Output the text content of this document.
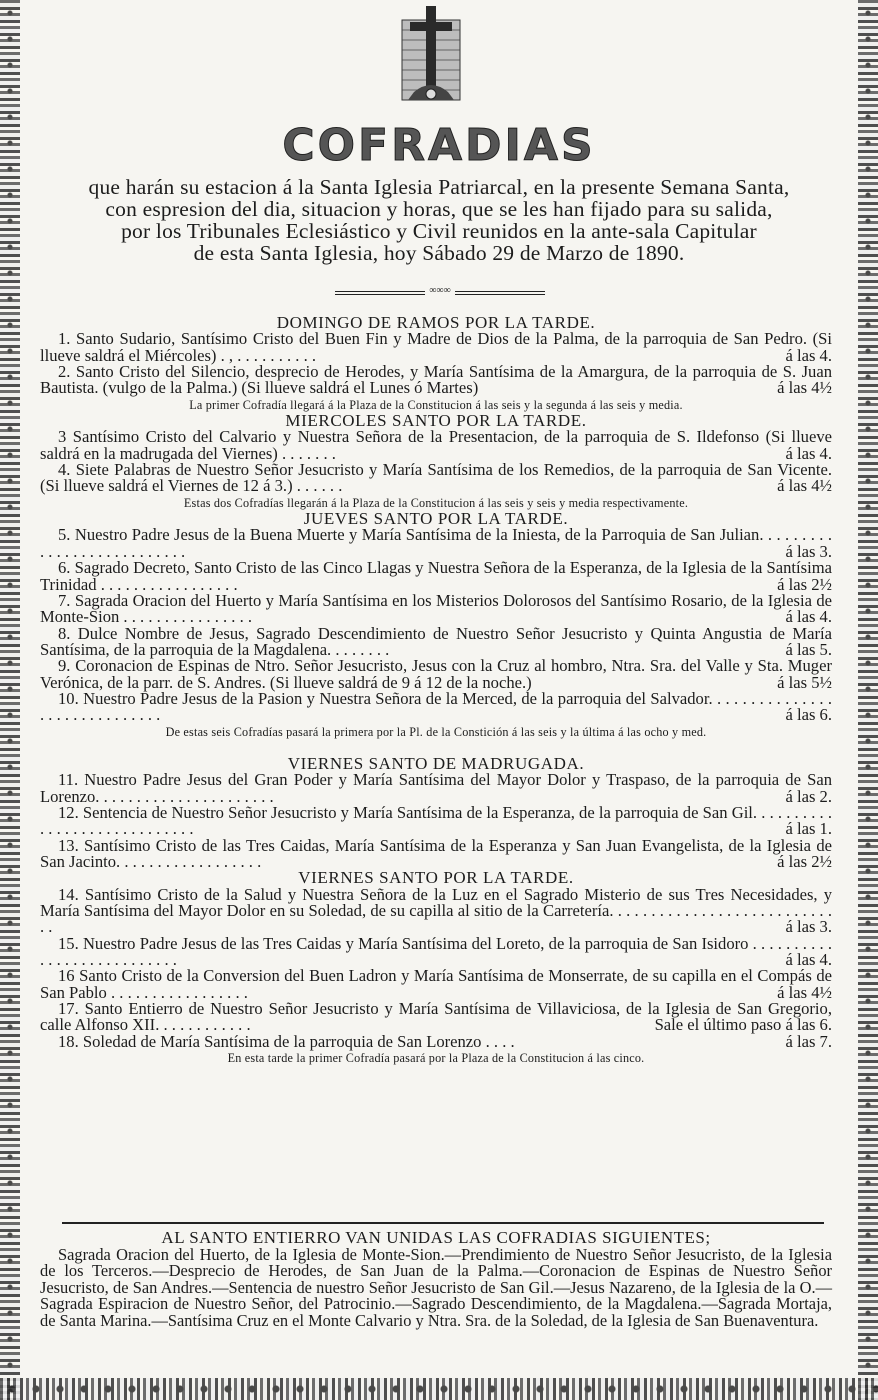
COFRADIAS
que harán su estacion á la Santa Iglesia Patriarcal, en la presente Semana Santa,
con espresion del dia, situacion y horas, que se les han fijado para su salida,
por los Tribunales Eclesiástico y Civil reunidos en la ante-sala Capitular
de esta Santa Iglesia, hoy Sábado 29 de Marzo de 1890.
∞∞∞

DOMINGO DE RAMOS POR LA TARDE.

1. Santo Sudario, Santísimo Cristo del Buen Fin y Madre de Dios de la Palma, de la parroquia de San Pedro. (Si llueve saldrá el Miércoles) . , . . . . . . . . . .	á las 4.

2. Santo Cristo del Silencio, desprecio de Herodes, y María Santísima de la Amargura, de la parroquia de S. Juan Bautista. (vulgo de la Palma.) (Si llueve saldrá el Lunes ó Martes)	á las 4½

La primer Cofradía llegará á la Plaza de la Constitucion á las seis y la segunda á las seis y media.

MIERCOLES SANTO POR LA TARDE.

3 Santísimo Cristo del Calvario y Nuestra Señora de la Presentacion, de la parroquia de S. Ildefonso (Si llueve saldrá en la madrugada del Viernes) . . . . . . .	á las 4.

4. Siete Palabras de Nuestro Señor Jesucristo y María Santísima de los Remedios, de la parroquia de San Vicente. (Si llueve saldrá el Viernes de 12 á 3.) . . . . . .	á las 4½

Estas dos Cofradías llegarán á la Plaza de la Constitucion á las seis y seis y media respectivamente.

JUEVES SANTO POR LA TARDE.

5. Nuestro Padre Jesus de la Buena Muerte y María Santísima de la Iniesta, de la Parroquia de San Julian. . . . . . . . . . . . . . . . . . . . . . . . . . .	á las 3.

6. Sagrado Decreto, Santo Cristo de las Cinco Llagas y Nuestra Señora de la Esperanza, de la Iglesia de la Santísima Trinidad . . . . . . . . . . . . . . . . .	á las 2½

7. Sagrada Oracion del Huerto y María Santísima en los Misterios Dolorosos del Santísimo Rosario, de la Iglesia de Monte-Sion . . . . . . . . . . . . . . . .	á las 4.

8. Dulce Nombre de Jesus, Sagrado Descendimiento de Nuestro Señor Jesucristo y Quinta Angustia de María Santísima, de la parroquia de la Magdalena. . . . . . . .	á las 5.

9. Coronacion de Espinas de Ntro. Señor Jesucristo, Jesus con la Cruz al hombro, Ntra. Sra. del Valle y Sta. Muger Verónica, de la parr. de S. Andres. (Si llueve saldrá de 9 á 12 de la noche.)	á las 5½

10. Nuestro Padre Jesus de la Pasion y Nuestra Señora de la Merced, de la parroquia del Salvador. . . . . . . . . . . . . . . . . . . . . . . . . . . . . .	á las 6.

De estas seis Cofradías pasará la primera por la Pl. de la Constición á las seis y la última á las ocho y med.

VIERNES SANTO DE MADRUGADA.

11. Nuestro Padre Jesus del Gran Poder y María Santísima del Mayor Dolor y Traspaso, de la parroquia de San Lorenzo. . . . . . . . . . . . . . . . . . . . . .	á las 2.

12. Sentencia de Nuestro Señor Jesucristo y María Santísima de la Esperanza, de la parroquia de San Gil. . . . . . . . . . . . . . . . . . . . . . . . . . . . .	á las 1.

13. Santísimo Cristo de las Tres Caidas, María Santísima de la Esperanza y San Juan Evangelista, de la Iglesia de San Jacinto. . . . . . . . . . . . . . . . . .	á las 2½

VIERNES SANTO POR LA TARDE.

14. Santísimo Cristo de la Salud y Nuestra Señora de la Luz en el Sagrado Misterio de sus Tres Necesidades, y María Santísima del Mayor Dolor en su Soledad, de su capilla al sitio de la Carretería. . . . . . . . . . . . . . . . . . . . . . . . . . . . .	á las 3.

15. Nuestro Padre Jesus de las Tres Caidas y María Santísima del Loreto, de la parroquia de San Isidoro . . . . . . . . . . . . . . . . . . . . . . . . . . .	á las 4.

16 Santo Cristo de la Conversion del Buen Ladron y María Santísima de Monserrate, de su capilla en el Compás de San Pablo . . . . . . . . . . . . . . . . .	á las 4½

17. Santo Entierro de Nuestro Señor Jesucristo y María Santísima de Villaviciosa, de la Iglesia de San Gregorio, calle Alfonso XII. . . . . . . . . . . .	Sale el último paso á las 6.

18. Soledad de María Santísima de la parroquia de San Lorenzo . . . .	á las 7.

En esta tarde la primer Cofradía pasará por la Plaza de la Constitucion á las cinco.

AL SANTO ENTIERRO VAN UNIDAS LAS COFRADIAS SIGUIENTES;

Sagrada Oracion del Huerto, de la Iglesia de Monte-Sion.—Prendimiento de Nuestro Señor Jesucristo, de la Iglesia de los Terceros.—Desprecio de Herodes, de San Juan de la Palma.—Coronacion de Espinas de Nuestro Señor Jesucristo, de San Andres.—Sentencia de nuestro Señor Jesucristo de San Gil.—Jesus Nazareno, de la Iglesia de la O.—Sagrada Espiracion de Nuestro Señor, del Patrocinio.—Sagrado Descendimiento, de la Magdalena.—Sagrada Mortaja, de Santa Marina.—Santísima Cruz en el Monte Calvario y Ntra. Sra. de la Soledad, de la Iglesia de San Buenaventura.
